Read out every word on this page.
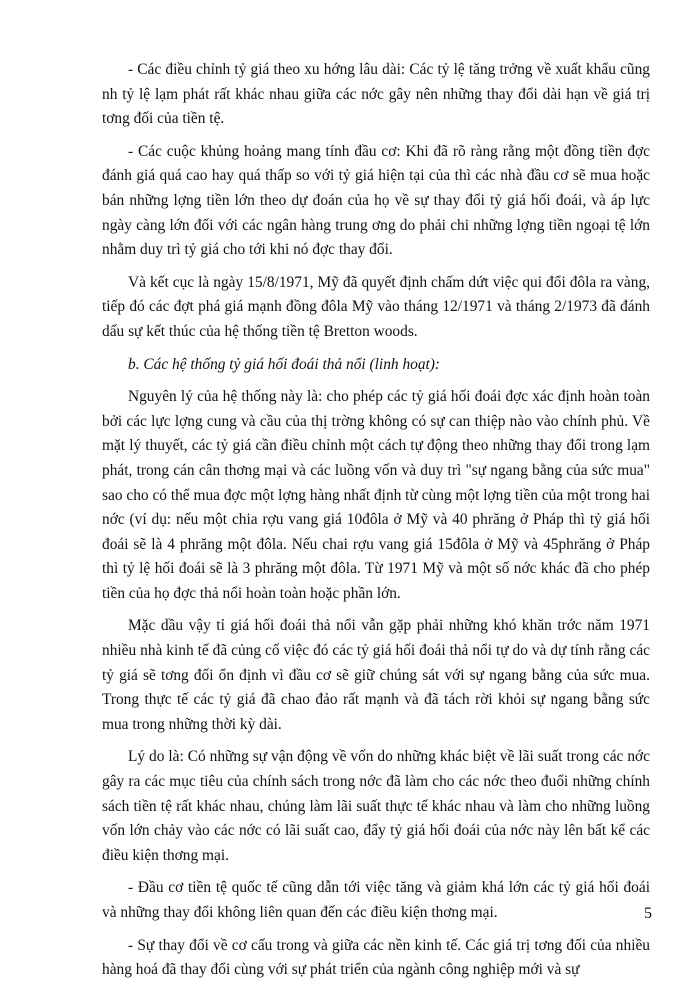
- Các điều chỉnh tỷ giá theo xu hớng lâu dài: Các tỷ lệ tăng trởng về xuất khẩu cũng nh tỷ lệ lạm phát rất khác nhau giữa các nớc gây nên những thay đổi dài hạn về giá trị tơng đối của tiền tệ.

- Các cuộc khủng hoảng mang tính đầu cơ: Khi đã rõ ràng rằng một đồng tiền đợc đánh giá quá cao hay quá thấp so với tỷ giá hiện tại của thì các nhà đầu cơ sẽ mua hoặc bán những lợng tiền lớn theo dự đoán của họ về sự thay đổi tỷ giá hối đoái, và áp lực ngày càng lớn đối với các ngân hàng trung ơng do phải chi những lợng tiền ngoại tệ lớn nhằm duy trì tỷ giá cho tới khi nó đợc thay đổi.

Và kết cục là ngày 15/8/1971, Mỹ đã quyết định chấm dứt việc qui đổi đôla ra vàng, tiếp đó các đợt phá giá mạnh đồng đôla Mỹ vào tháng 12/1971 và tháng 2/1973 đã đánh dấu sự kết thúc của hệ thống tiền tệ Bretton woods.

b. Các hệ thống tỷ giá hối đoái thả nổi (linh hoạt):

Nguyên lý của hệ thống này là: cho phép các tỷ giá hối đoái đợc xác định hoàn toàn bởi các lực lợng cung và cầu của thị trờng không có sự can thiệp nào vào chính phủ. Về mặt lý thuyết, các tỷ giá cần điều chỉnh một cách tự động theo những thay đổi trong lạm phát, trong cán cân thơng mại và các luồng vốn và duy trì "sự ngang bằng của sức mua" sao cho có thể mua đợc một lợng hàng nhất định từ cùng một lợng tiền của một trong hai nớc (ví dụ: nếu một chia rợu vang giá 10đôla ở Mỹ và 40 phrăng ở Pháp thì tỷ giá hối đoái sẽ là 4 phrăng một đôla. Nếu chai rợu vang giá 15đôla ở Mỹ và 45phrăng ở Pháp thì tỷ lệ hối đoái sẽ là 3 phrăng một đôla. Từ 1971 Mỹ và một số nớc khác đã cho phép tiền của họ đợc thả nổi hoàn toàn hoặc phần lớn.

Mặc dầu vậy tỉ giá hối đoái thả nổi vẫn gặp phải những khó khăn trớc năm 1971 nhiều nhà kinh tế đã củng cố việc đó các tỷ giá hối đoái thả nổi tự do và dự tính rằng các tỷ giá sẽ tơng đối ổn định vì đầu cơ sẽ giữ chúng sát với sự ngang bằng của sức mua. Trong thực tế các tỷ giá đã chao đảo rất mạnh và đã tách rời khỏi sự ngang bằng sức mua trong những thời kỳ dài.

Lý do là: Có những sự vận động về vốn do những khác biệt về lãi suất trong các nớc gây ra các mục tiêu của chính sách trong nớc đã làm cho các nớc theo đuổi những chính sách tiền tệ rất khác nhau, chúng làm lãi suất thực tế khác nhau và làm cho những luồng vốn lớn chảy vào các nớc có lãi suất cao, đẩy tỷ giá hối đoái của nớc này lên bất kể các điều kiện thơng mại.

- Đầu cơ tiền tệ quốc tế cũng dẫn tới việc tăng và giảm khá lớn các tỷ giá hối đoái và những thay đổi không liên quan đến các điều kiện thơng mại.

- Sự thay đổi về cơ cấu trong và giữa các nền kinh tế. Các giá trị tơng đối của nhiều hàng hoá đã thay đổi cùng với sự phát triển của ngành công nghiệp mới và sự

5
